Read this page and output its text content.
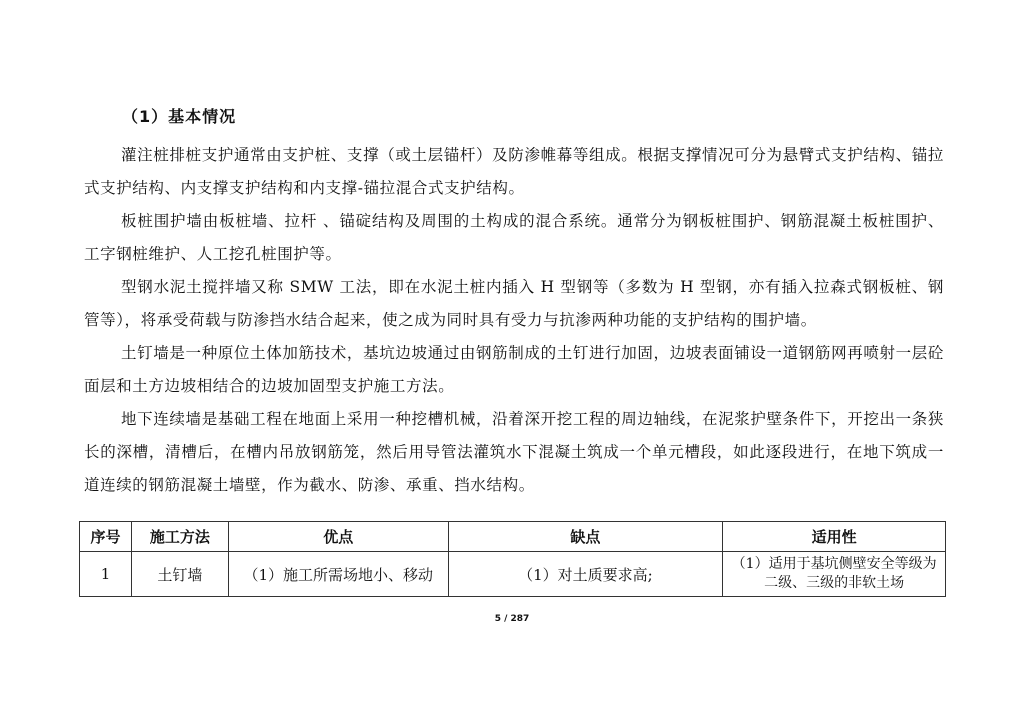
（1）基本情况

灌注桩排桩支护通常由支护桩、支撑（或土层锚杆）及防渗帷幕等组成。根据支撑情况可分为悬臂式支护结构、锚拉式支护结构、内支撑支护结构和内支撑-锚拉混合式支护结构。

板桩围护墙由板桩墙、拉杆 、锚碇结构及周围的土构成的混合系统。通常分为钢板桩围护、钢筋混凝土板桩围护、工字钢桩维护、人工挖孔桩围护等。

型钢水泥土搅拌墙又称 SMW 工法，即在水泥土桩内插入 H 型钢等（多数为 H 型钢，亦有插入拉森式钢板桩、钢管等），将承受荷载与防渗挡水结合起来，使之成为同时具有受力与抗渗两种功能的支护结构的围护墙。

土钉墙是一种原位土体加筋技术，基坑边坡通过由钢筋制成的土钉进行加固，边坡表面铺设一道钢筋网再喷射一层砼面层和土方边坡相结合的边坡加固型支护施工方法。

地下连续墙是基础工程在地面上采用一种挖槽机械，沿着深开挖工程的周边轴线，在泥浆护壁条件下，开挖出一条狭长的深槽，清槽后，在槽内吊放钢筋笼，然后用导管法灌筑水下混凝土筑成一个单元槽段，如此逐段进行，在地下筑成一道连续的钢筋混凝土墙壁，作为截水、防渗、承重、挡水结构。

序号	施工方法	优点	缺点	适用性
1	土钉墙	（1）施工所需场地小、移动	（1）对土质要求高;	（1）适用于基坑侧壁安全等级为二级、三级的非软土场
5 / 287
